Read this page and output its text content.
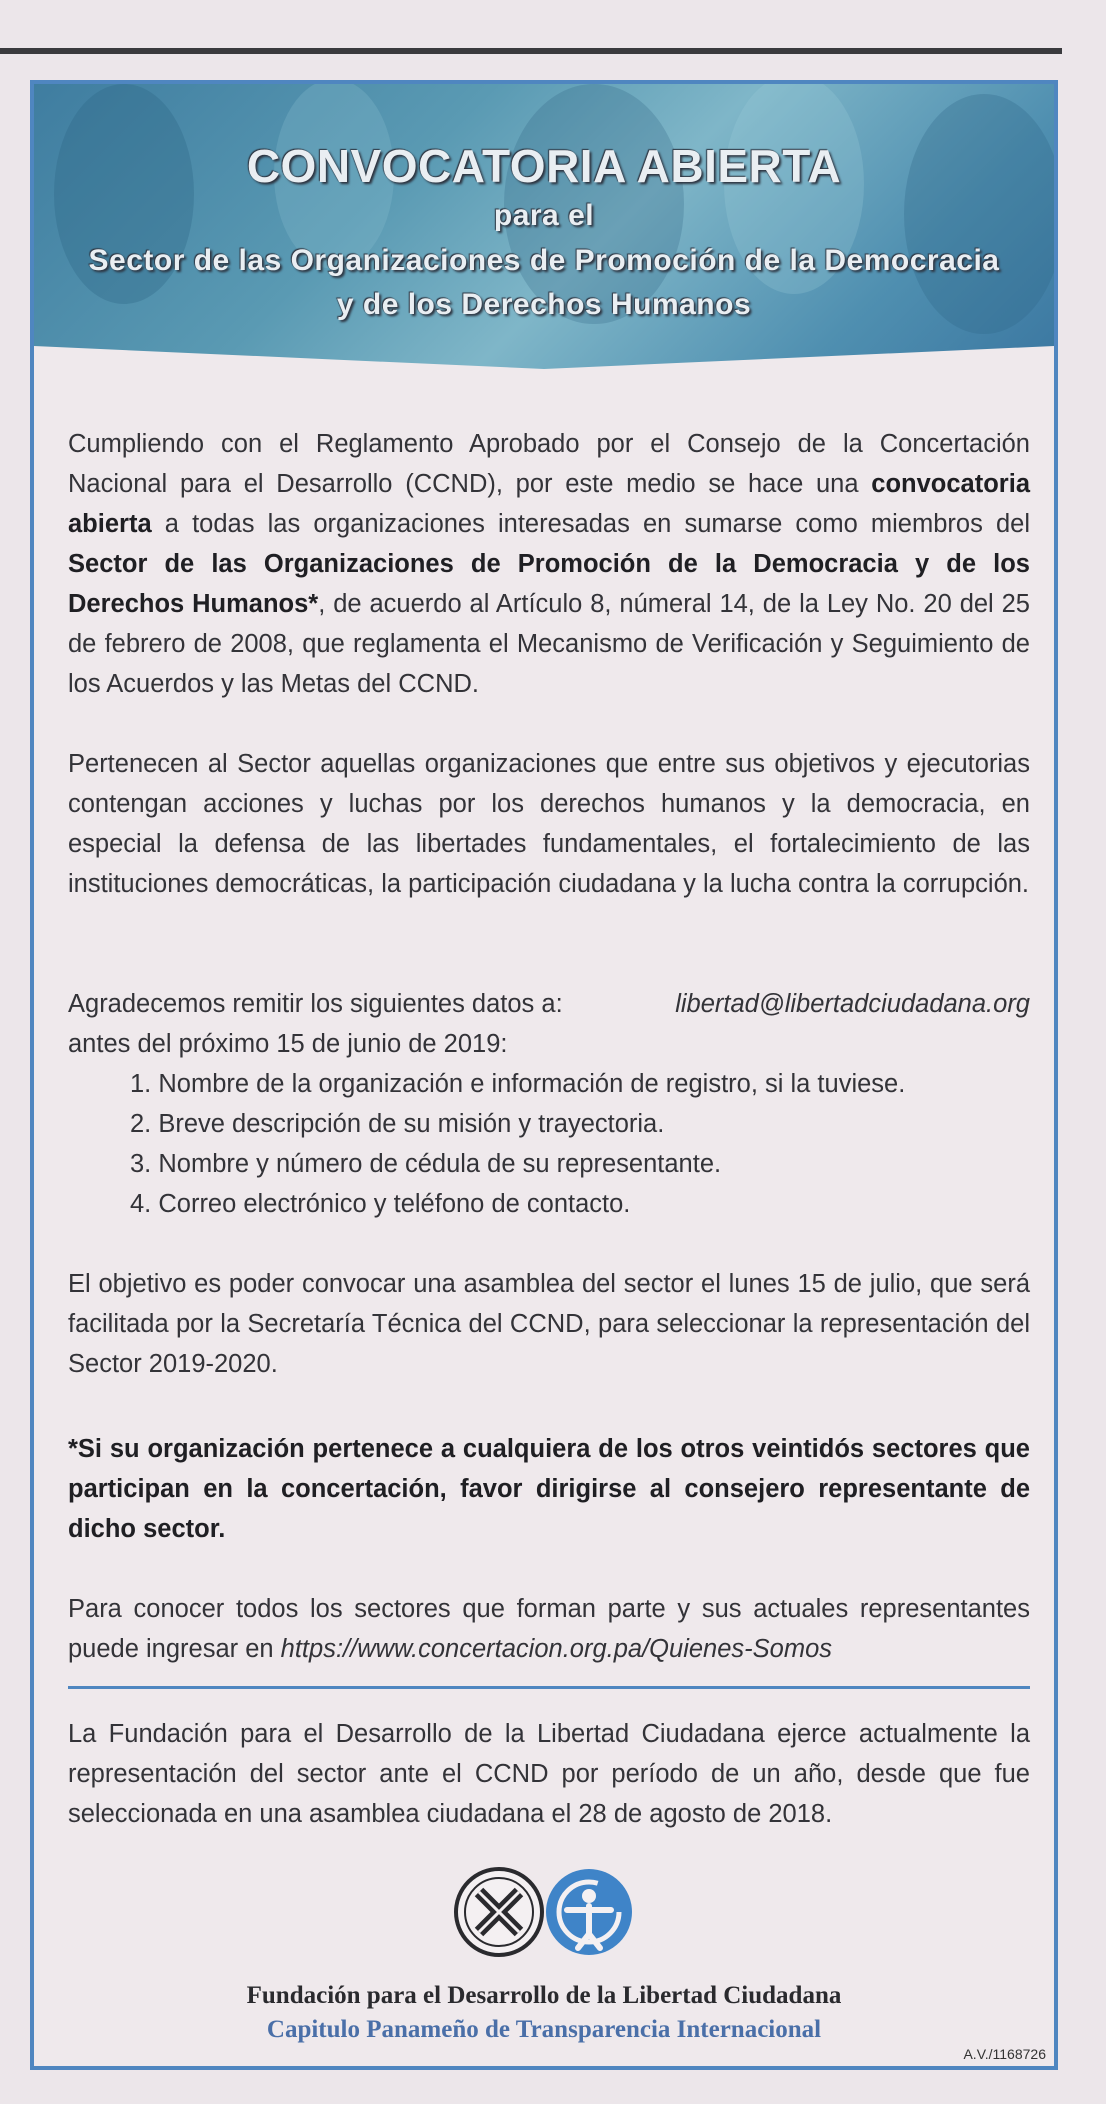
CONVOCATORIA ABIERTA
para el
Sector de las Organizaciones de Promoción de la Democracia
y de los Derechos Humanos
Cumpliendo con el Reglamento Aprobado por el Consejo de la Concertación Nacional para el Desarrollo (CCND), por este medio se hace una convocatoria abierta a todas las organizaciones interesadas en sumarse como miembros del Sector de las Organizaciones de Promoción de la Democracia y de los Derechos Humanos*, de acuerdo al Artículo 8, númeral 14, de la Ley No. 20 del 25 de febrero de 2008, que reglamenta el Mecanismo de Verificación y Seguimiento de los Acuerdos y las Metas del CCND.
Pertenecen al Sector aquellas organizaciones que entre sus objetivos y ejecutorias contengan acciones y luchas por los derechos humanos y la democracia, en especial la defensa de las libertades fundamentales, el fortalecimiento de las instituciones democráticas, la participación ciudadana y la lucha contra la corrupción.
Agradecemos remitir los siguientes datos a:	libertad@libertadciudadana.org
antes del próximo 15 de junio de 2019:
1. Nombre de la organización e información de registro, si la tuviese.
2. Breve descripción de su misión y trayectoria.
3. Nombre y número de cédula de su representante.
4. Correo electrónico y teléfono de contacto.
El objetivo es poder convocar una asamblea del sector el lunes 15 de julio, que será facilitada por la Secretaría Técnica del CCND, para seleccionar la representación del Sector 2019-2020.
*Si su organización pertenece a cualquiera de los otros veintidós sectores que participan en la concertación, favor dirigirse al consejero representante de dicho sector.
Para conocer todos los sectores que forman parte y sus actuales representantes puede ingresar en https://www.concertacion.org.pa/Quienes-Somos
La Fundación para el Desarrollo de la Libertad Ciudadana ejerce actualmente la representación del sector ante el CCND por período de un año, desde que fue seleccionada en una asamblea ciudadana el 28 de agosto de 2018.
Fundación para el Desarrollo de la Libertad Ciudadana
Capitulo Panameño de Transparencia Internacional
A.V./1168726
